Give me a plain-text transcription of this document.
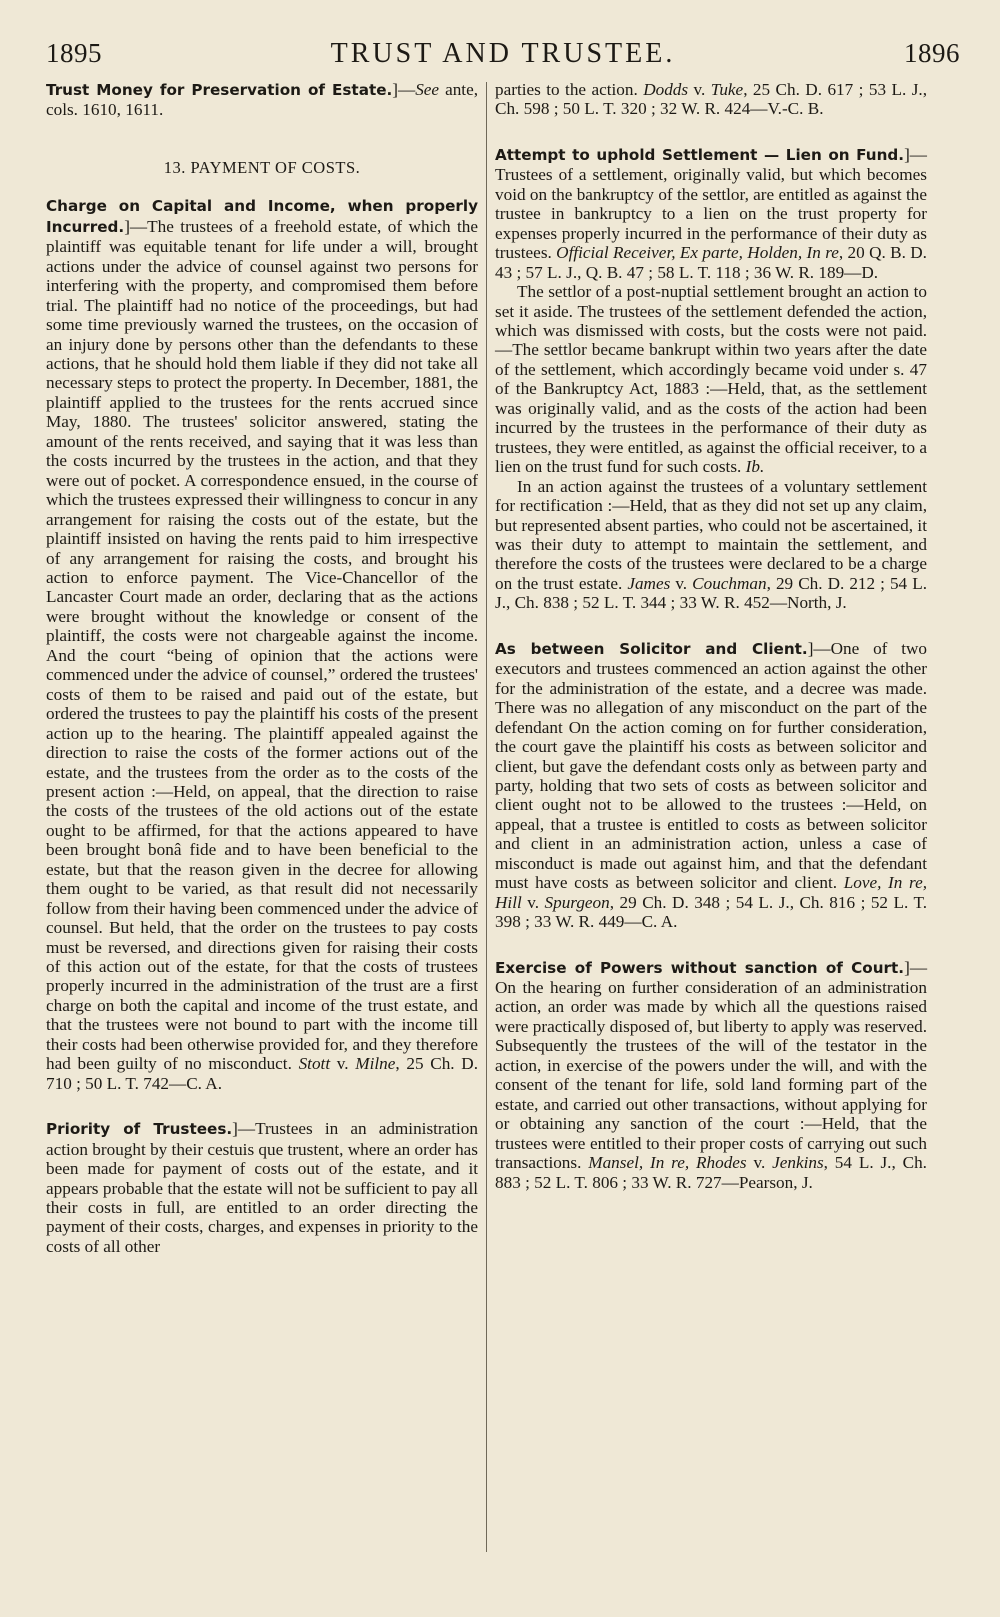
1895	TRUST AND TRUSTEE.	1896

Trust Money for Preservation of Estate.]—See ante, cols. 1610, 1611.

13. PAYMENT OF COSTS.

Charge on Capital and Income, when properly Incurred.]—The trustees of a freehold estate, of which the plaintiff was equitable tenant for life under a will, brought actions under the advice of counsel against two persons for interfering with the property, and compromised them before trial. The plaintiff had no notice of the proceedings, but had some time previously warned the trustees, on the occasion of an injury done by persons other than the defendants to these actions, that he should hold them liable if they did not take all necessary steps to protect the property. In December, 1881, the plaintiff applied to the trustees for the rents accrued since May, 1880. The trustees' solicitor answered, stating the amount of the rents received, and saying that it was less than the costs incurred by the trustees in the action, and that they were out of pocket. A correspondence ensued, in the course of which the trustees expressed their willingness to concur in any arrangement for raising the costs out of the estate, but the plaintiff insisted on having the rents paid to him irrespective of any arrangement for raising the costs, and brought his action to enforce payment. The Vice-Chancellor of the Lancaster Court made an order, declaring that as the actions were brought without the knowledge or consent of the plaintiff, the costs were not chargeable against the income. And the court “being of opinion that the actions were commenced under the advice of counsel,” ordered the trustees' costs of them to be raised and paid out of the estate, but ordered the trustees to pay the plaintiff his costs of the present action up to the hearing. The plaintiff appealed against the direction to raise the costs of the former actions out of the estate, and the trustees from the order as to the costs of the present action :—Held, on appeal, that the direction to raise the costs of the trustees of the old actions out of the estate ought to be affirmed, for that the actions appeared to have been brought bonâ fide and to have been beneficial to the estate, but that the reason given in the decree for allowing them ought to be varied, as that result did not necessarily follow from their having been commenced under the advice of counsel. But held, that the order on the trustees to pay costs must be reversed, and directions given for raising their costs of this action out of the estate, for that the costs of trustees properly incurred in the administration of the trust are a first charge on both the capital and income of the trust estate, and that the trustees were not bound to part with the income till their costs had been otherwise provided for, and they therefore had been guilty of no misconduct. Stott v. Milne, 25 Ch. D. 710 ; 50 L. T. 742—C. A.

Priority of Trustees.]—Trustees in an administration action brought by their cestuis que trustent, where an order has been made for payment of costs out of the estate, and it appears probable that the estate will not be sufficient to pay all their costs in full, are entitled to an order directing the payment of their costs, charges, and expenses in priority to the costs of all other

parties to the action. Dodds v. Tuke, 25 Ch. D. 617 ; 53 L. J., Ch. 598 ; 50 L. T. 320 ; 32 W. R. 424—V.-C. B.

Attempt to uphold Settlement — Lien on Fund.]—Trustees of a settlement, originally valid, but which becomes void on the bankruptcy of the settlor, are entitled as against the trustee in bankruptcy to a lien on the trust property for expenses properly incurred in the performance of their duty as trustees. Official Receiver, Ex parte, Holden, In re, 20 Q. B. D. 43 ; 57 L. J., Q. B. 47 ; 58 L. T. 118 ; 36 W. R. 189—D.

The settlor of a post-nuptial settlement brought an action to set it aside. The trustees of the settlement defended the action, which was dismissed with costs, but the costs were not paid. —The settlor became bankrupt within two years after the date of the settlement, which accordingly became void under s. 47 of the Bankruptcy Act, 1883 :—Held, that, as the settlement was originally valid, and as the costs of the action had been incurred by the trustees in the performance of their duty as trustees, they were entitled, as against the official receiver, to a lien on the trust fund for such costs. Ib.

In an action against the trustees of a voluntary settlement for rectification :—Held, that as they did not set up any claim, but represented absent parties, who could not be ascertained, it was their duty to attempt to maintain the settlement, and therefore the costs of the trustees were declared to be a charge on the trust estate. James v. Couchman, 29 Ch. D. 212 ; 54 L. J., Ch. 838 ; 52 L. T. 344 ; 33 W. R. 452—North, J.

As between Solicitor and Client.]—One of two executors and trustees commenced an action against the other for the administration of the estate, and a decree was made. There was no allegation of any misconduct on the part of the defendant On the action coming on for further consideration, the court gave the plaintiff his costs as between solicitor and client, but gave the defendant costs only as between party and party, holding that two sets of costs as between solicitor and client ought not to be allowed to the trustees :—Held, on appeal, that a trustee is entitled to costs as between solicitor and client in an administration action, unless a case of misconduct is made out against him, and that the defendant must have costs as between solicitor and client. Love, In re, Hill v. Spurgeon, 29 Ch. D. 348 ; 54 L. J., Ch. 816 ; 52 L. T. 398 ; 33 W. R. 449—C. A.

Exercise of Powers without sanction of Court.]—On the hearing on further consideration of an administration action, an order was made by which all the questions raised were practically disposed of, but liberty to apply was reserved. Subsequently the trustees of the will of the testator in the action, in exercise of the powers under the will, and with the consent of the tenant for life, sold land forming part of the estate, and carried out other transactions, without applying for or obtaining any sanction of the court :—Held, that the trustees were entitled to their proper costs of carrying out such transactions. Mansel, In re, Rhodes v. Jenkins, 54 L. J., Ch. 883 ; 52 L. T. 806 ; 33 W. R. 727—Pearson, J.
